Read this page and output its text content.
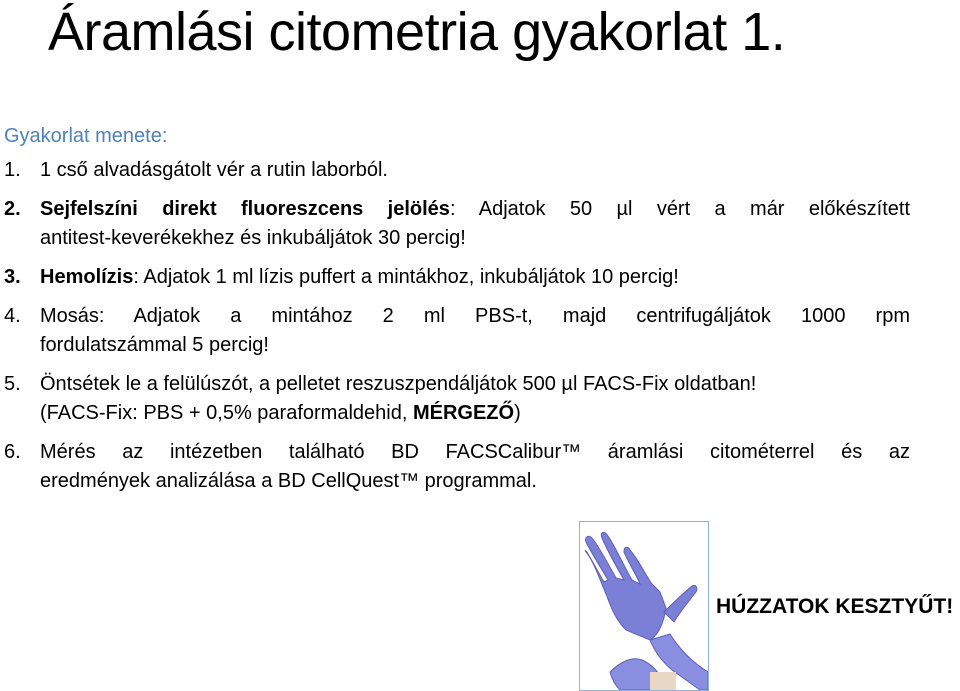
Áramlási citometria gyakorlat 1.
Gyakorlat menete:
1. 1 cső alvadásgátolt vér a rutin laborból.
2. Sejfelszíni direkt fluoreszcens jelölés: Adjatok 50 µl vért a már előkészített
antitest-keverékekhez és inkubáljátok 30 percig!
3. Hemolízis: Adjatok 1 ml lízis puffert a mintákhoz, inkubáljátok 10 percig!
4. Mosás: Adjatok a mintához 2 ml PBS-t, majd centrifugáljátok 1000 rpm
fordulatszámmal 5 percig!
5. Öntsétek le a felülúszót, a pelletet reszuszpendáljátok 500 µl FACS-Fix oldatban!
(FACS-Fix: PBS + 0,5% paraformaldehid, MÉRGEZŐ)
6. Mérés az intézetben található BD FACSCalibur™ áramlási citométerrel és az
eredmények analizálása a BD CellQuest™ programmal.
HÚZZATOK KESZTYŰT!
